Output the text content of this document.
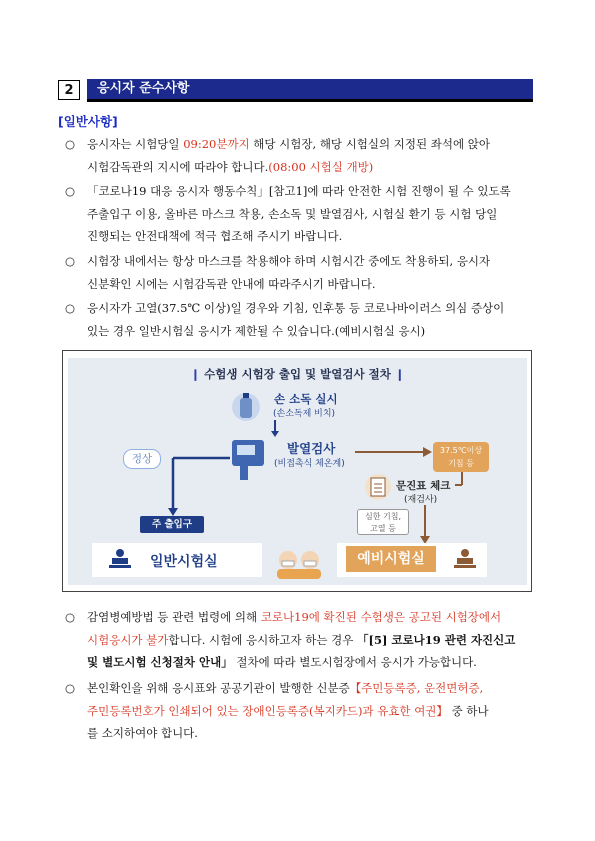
2	응시자 준수사항
[일반사항]
○ 응시자는 시험당일 09:20분까지 해당 시험장, 해당 시험실의 지정된 좌석에 앉아
시험감독관의 지시에 따라야 합니다.(08:00 시험실 개방)
○ 「코로나19 대응 응시자 행동수칙」[참고1]에 따라 안전한 시험 진행이 될 수 있도록
주출입구 이용, 올바른 마스크 착용, 손소독 및 발열검사, 시험실 환기 등 시험 당일
진행되는 안전대책에 적극 협조해 주시기 바랍니다.
○ 시험장 내에서는 항상 마스크를 착용해야 하며 시험시간 중에도 착용하되, 응시자
신분확인 시에는 시험감독관 안내에 따라주시기 바랍니다.
○ 응시자가 고열(37.5℃ 이상)일 경우와 기침, 인후통 등 코로나바이러스 의심 증상이
있는 경우 일반시험실 응시가 제한될 수 있습니다.(예비시험실 응시)
❙ 수험생 시험장 출입 및 발열검사 절차 ❙
손 소독 실시
(손소독제 비치)
발열검사
(비접촉식 체온계)
정상
37.5℃이상
기침 등
문진표 체크
(재검사)
심한 기침,
고열 등
주 출입구
일반시험실	예비시험실
○ 감염병예방법 등 관련 법령에 의해 코로나19에 확진된 수험생은 공고된 시험장에서
시험응시가 불가합니다. 시험에 응시하고자 하는 경우 「[5] 코로나19 관련 자진신고
및 별도시험 신청절차 안내」 절차에 따라 별도시험장에서 응시가 가능합니다.
○ 본인확인을 위해 응시표와 공공기관이 발행한 신분증【주민등록증, 운전면허증,
주민등록번호가 인쇄되어 있는 장애인등록증(복지카드)과 유효한 여권】 중 하나
를 소지하여야 합니다.
